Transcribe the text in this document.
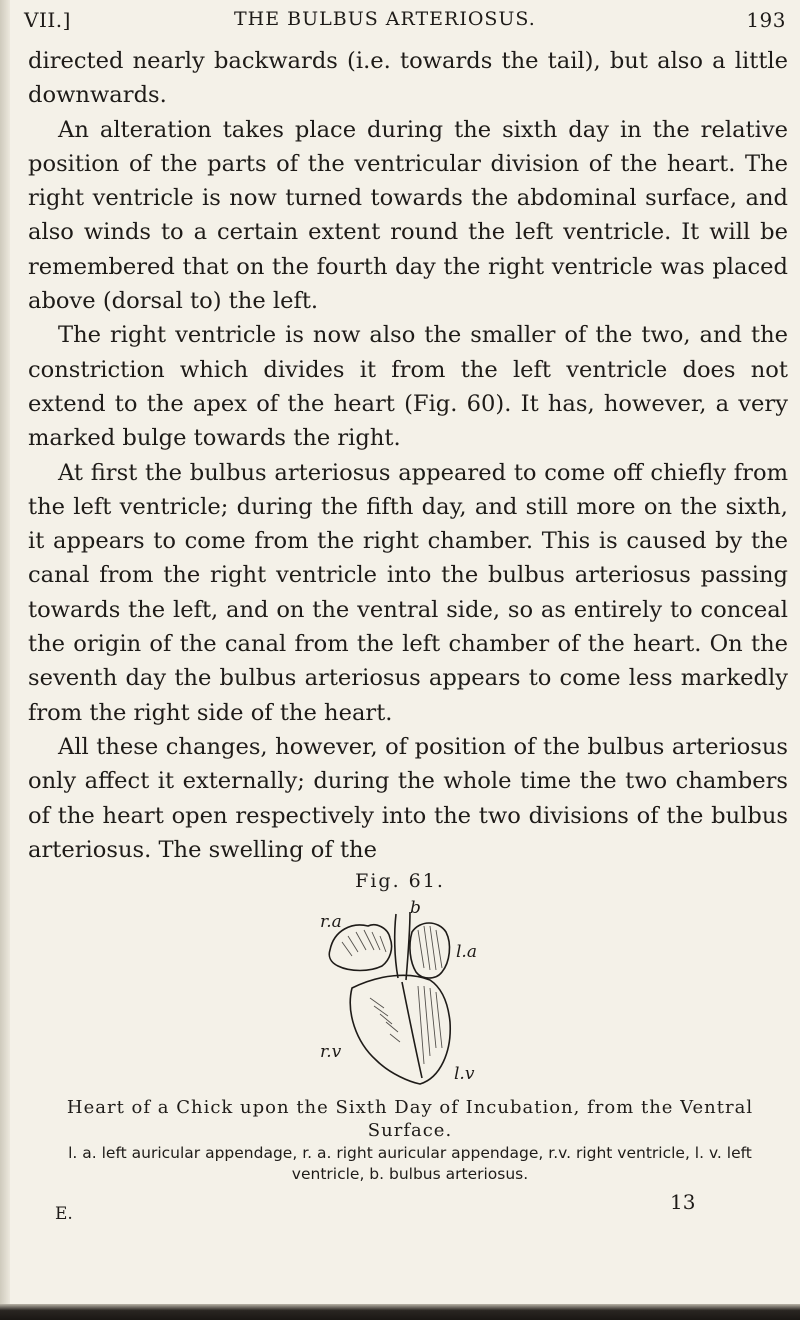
VII.]	THE BULBUS ARTERIOSUS.	193

directed nearly backwards (i.e. towards the tail), but also a little downwards.

An alteration takes place during the sixth day in the relative position of the parts of the ventricular division of the heart. The right ventricle is now turned towards the abdominal surface, and also winds to a certain extent round the left ventricle. It will be remembered that on the fourth day the right ventricle was placed above (dorsal to) the left.

The right ventricle is now also the smaller of the two, and the constriction which divides it from the left ventricle does not extend to the apex of the heart (Fig. 60). It has, however, a very marked bulge towards the right.

At first the bulbus arteriosus appeared to come off chiefly from the left ventricle; during the fifth day, and still more on the sixth, it appears to come from the right chamber. This is caused by the canal from the right ventricle into the bulbus arteriosus passing towards the left, and on the ventral side, so as entirely to conceal the origin of the canal from the left chamber of the heart. On the seventh day the bulbus arteriosus appears to come less markedly from the right side of the heart.

All these changes, however, of position of the bulbus arteriosus only affect it externally; during the whole time the two chambers of the heart open respectively into the two divisions of the bulbus arteriosus. The swelling of the

Fig. 61.
r.a
b
l.a
r.v
l.v
Heart of a Chick upon the Sixth Day of Incubation, from the Ventral Surface.
l. a. left auricular appendage, r. a. right auricular appendage, r.v. right ventricle, l. v. left ventricle, b. bulbus arteriosus.
E.	13
